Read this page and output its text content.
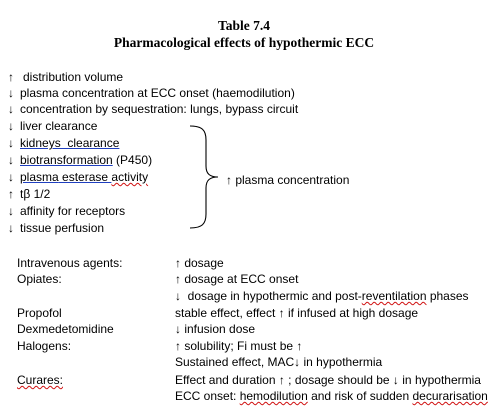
Table 7.4
Pharmacological effects of hypothermic ECC
↑ distribution volume
↓ plasma concentration at ECC onset (haemodilution)
↓ concentration by sequestration: lungs, bypass circuit
↓ liver clearance
↓ kidneys  clearance
↓ biotransformation (P450)
↓ plasma esterase activity
↑ tβ 1/2
↓ affinity for receptors
↓ tissue perfusion
↑ plasma concentration
Intravenous agents:	↑ dosage
Opiates:	↑ dosage at ECC onset
↓  dosage in hypothermic and post-reventilation phases
Propofol	stable effect, effect ↑ if infused at high dosage
Dexmedetomidine	↓ infusion dose
Halogens:	↑ solubility; Fi must be ↑
Sustained effect, MAC↓ in hypothermia
Curares:	Effect and duration ↑ ; dosage should be ↓ in hypothermia
ECC onset: hemodilution and risk of sudden decurarisation
